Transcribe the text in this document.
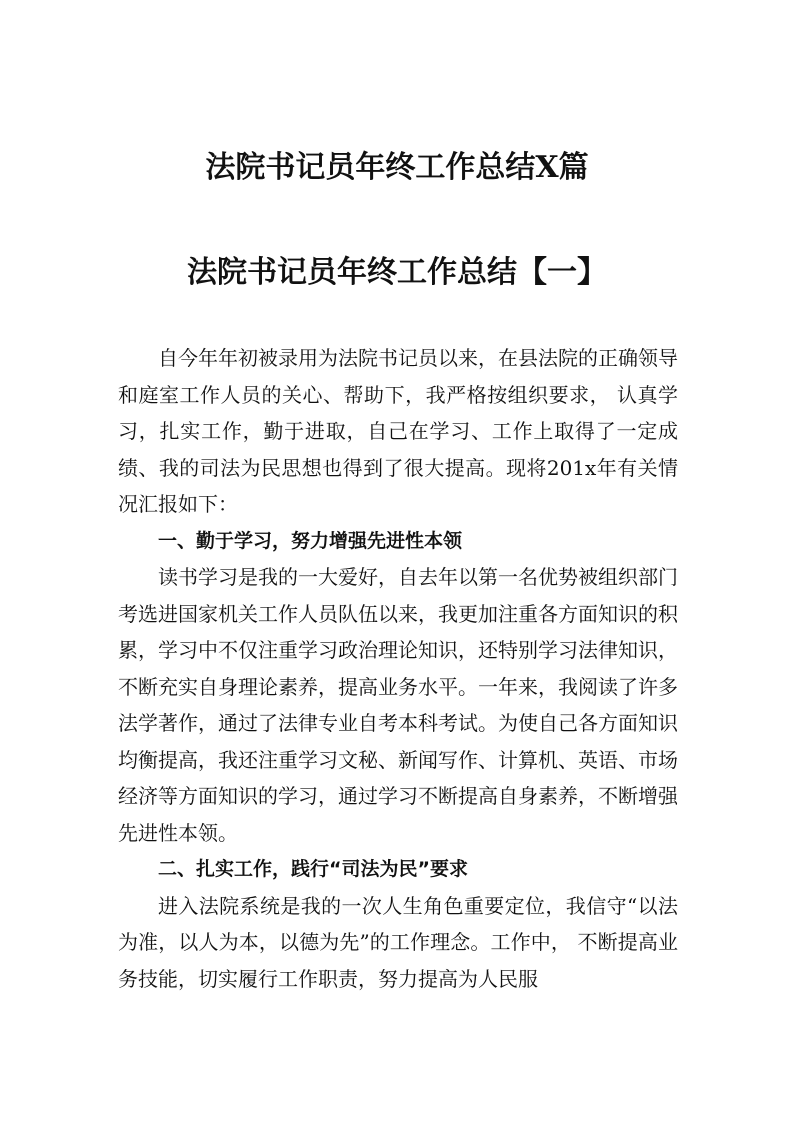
法院书记员年终工作总结X篇
法院书记员年终工作总结【一】

自今年年初被录用为法院书记员以来，在县法院的正确领导和庭室工作人员的关心、帮助下，我严格按组织要求， 认真学习，扎实工作，勤于进取，自己在学习、工作上取得了一定成绩、我的司法为民思想也得到了很大提高。现将201x年有关情况汇报如下：

一、勤于学习，努力增强先进性本领

读书学习是我的一大爱好，自去年以第一名优势被组织部门考选进国家机关工作人员队伍以来，我更加注重各方面知识的积累，学习中不仅注重学习政治理论知识，还特别学习法律知识，不断充实自身理论素养，提高业务水平。一年来，我阅读了许多法学著作，通过了法律专业自考本科考试。为使自己各方面知识均衡提高，我还注重学习文秘、新闻写作、计算机、英语、市场经济等方面知识的学习，通过学习不断提高自身素养，不断增强先进性本领。

二、扎实工作，践行“司法为民”要求

进入法院系统是我的一次人生角色重要定位，我信守“以法为准，以人为本，以德为先”的工作理念。工作中， 不断提高业务技能，切实履行工作职责，努力提高为人民服
